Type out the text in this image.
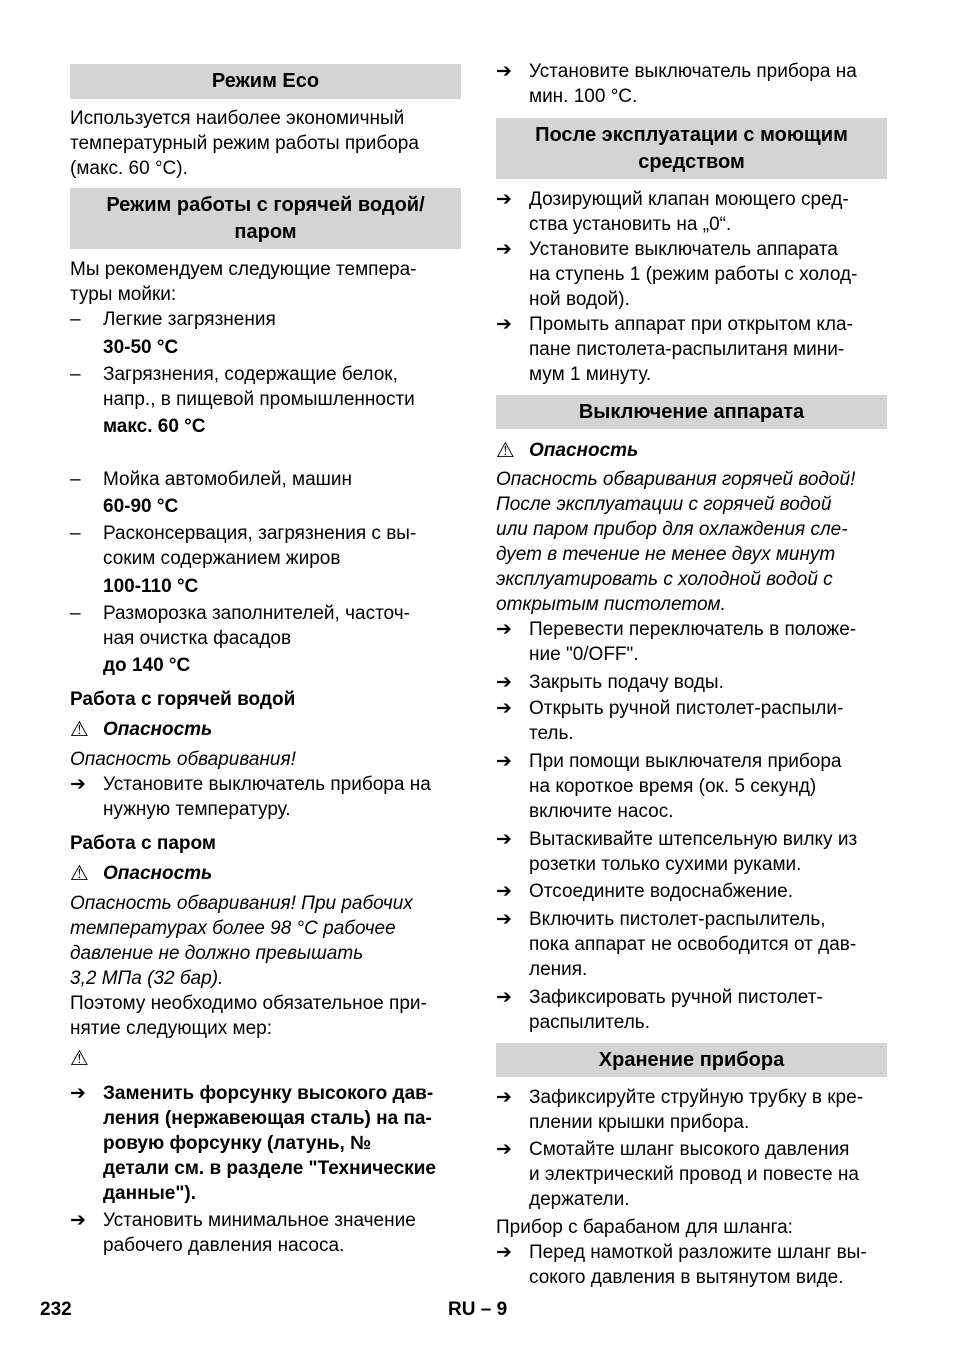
Режим Eco
Используется наиболее экономичный
температурный режим работы прибора
(макс. 60 °С).
Режим работы с горячей водой/
паром
Мы рекомендуем следующие темпера-
туры мойки:
– Легкие загрязнения
30-50 °С
– Загрязнения, содержащие белок,
напр., в пищевой промышленности
макс. 60 °С
– Мойка автомобилей, машин
60-90 °С
– Расконсервация, загрязнения с вы-
соким содержанием жиров
100-110 °С
– Разморозка заполнителей, часточ-
ная очистка фасадов
до 140 °С
Работа с горячей водой
⚠ Опасность
Опасность обваривания!
➔ Установите выключатель прибора на
нужную температуру.
Работа с паром
⚠ Опасность
Опасность обваривания! При рабочих
температурах более 98 °C рабочее
давление не должно превышать
3,2 МПа (32 бар).
Поэтому необходимо обязательное при-
нятие следующих мер:
⚠
➔ Заменить форсунку высокого дав-
ления (нержавеющая сталь) на па-
ровую форсунку (латунь, №
детали см. в разделе "Технические
данные").
➔ Установить минимальное значение
рабочего давления насоса.
➔ Установите выключатель прибора на
мин. 100 °С.
После эксплуатации с моющим
средством
➔ Дозирующий клапан моющего сред-
ства установить на „0“.
➔ Установите выключатель аппарата
на ступень 1 (режим работы с холод-
ной водой).
➔ Промыть аппарат при открытом кла-
пане пистолета-распылитаня мини-
мум 1 минуту.
Выключение аппарата
⚠ Опасность
Опасность обваривания горячей водой!
После эксплуатации с горячей водой
или паром прибор для охлаждения сле-
дует в течение не менее двух минут
эксплуатировать с холодной водой с
открытым пистолетом.
➔ Перевести переключатель в положе-
ние "0/OFF".
➔ Закрыть подачу воды.
➔ Открыть ручной пистолет-распыли-
тель.
➔ При помощи выключателя прибора
на короткое время (ок. 5 секунд)
включите насос.
➔ Вытаскивайте штепсельную вилку из
розетки только сухими руками.
➔ Отсоедините водоснабжение.
➔ Включить пистолет-распылитель,
пока аппарат не освободится от дав-
ления.
➔ Зафиксировать ручной пистолет-
распылитель.
Хранение прибора
➔ Зафиксируйте струйную трубку в кре-
плении крышки прибора.
➔ Смотайте шланг высокого давления
и электрический провод и повесте на
держатели.
Прибор с барабаном для шланга:
➔ Перед намоткой разложите шланг вы-
сокого давления в вытянутом виде.
232	RU – 9
